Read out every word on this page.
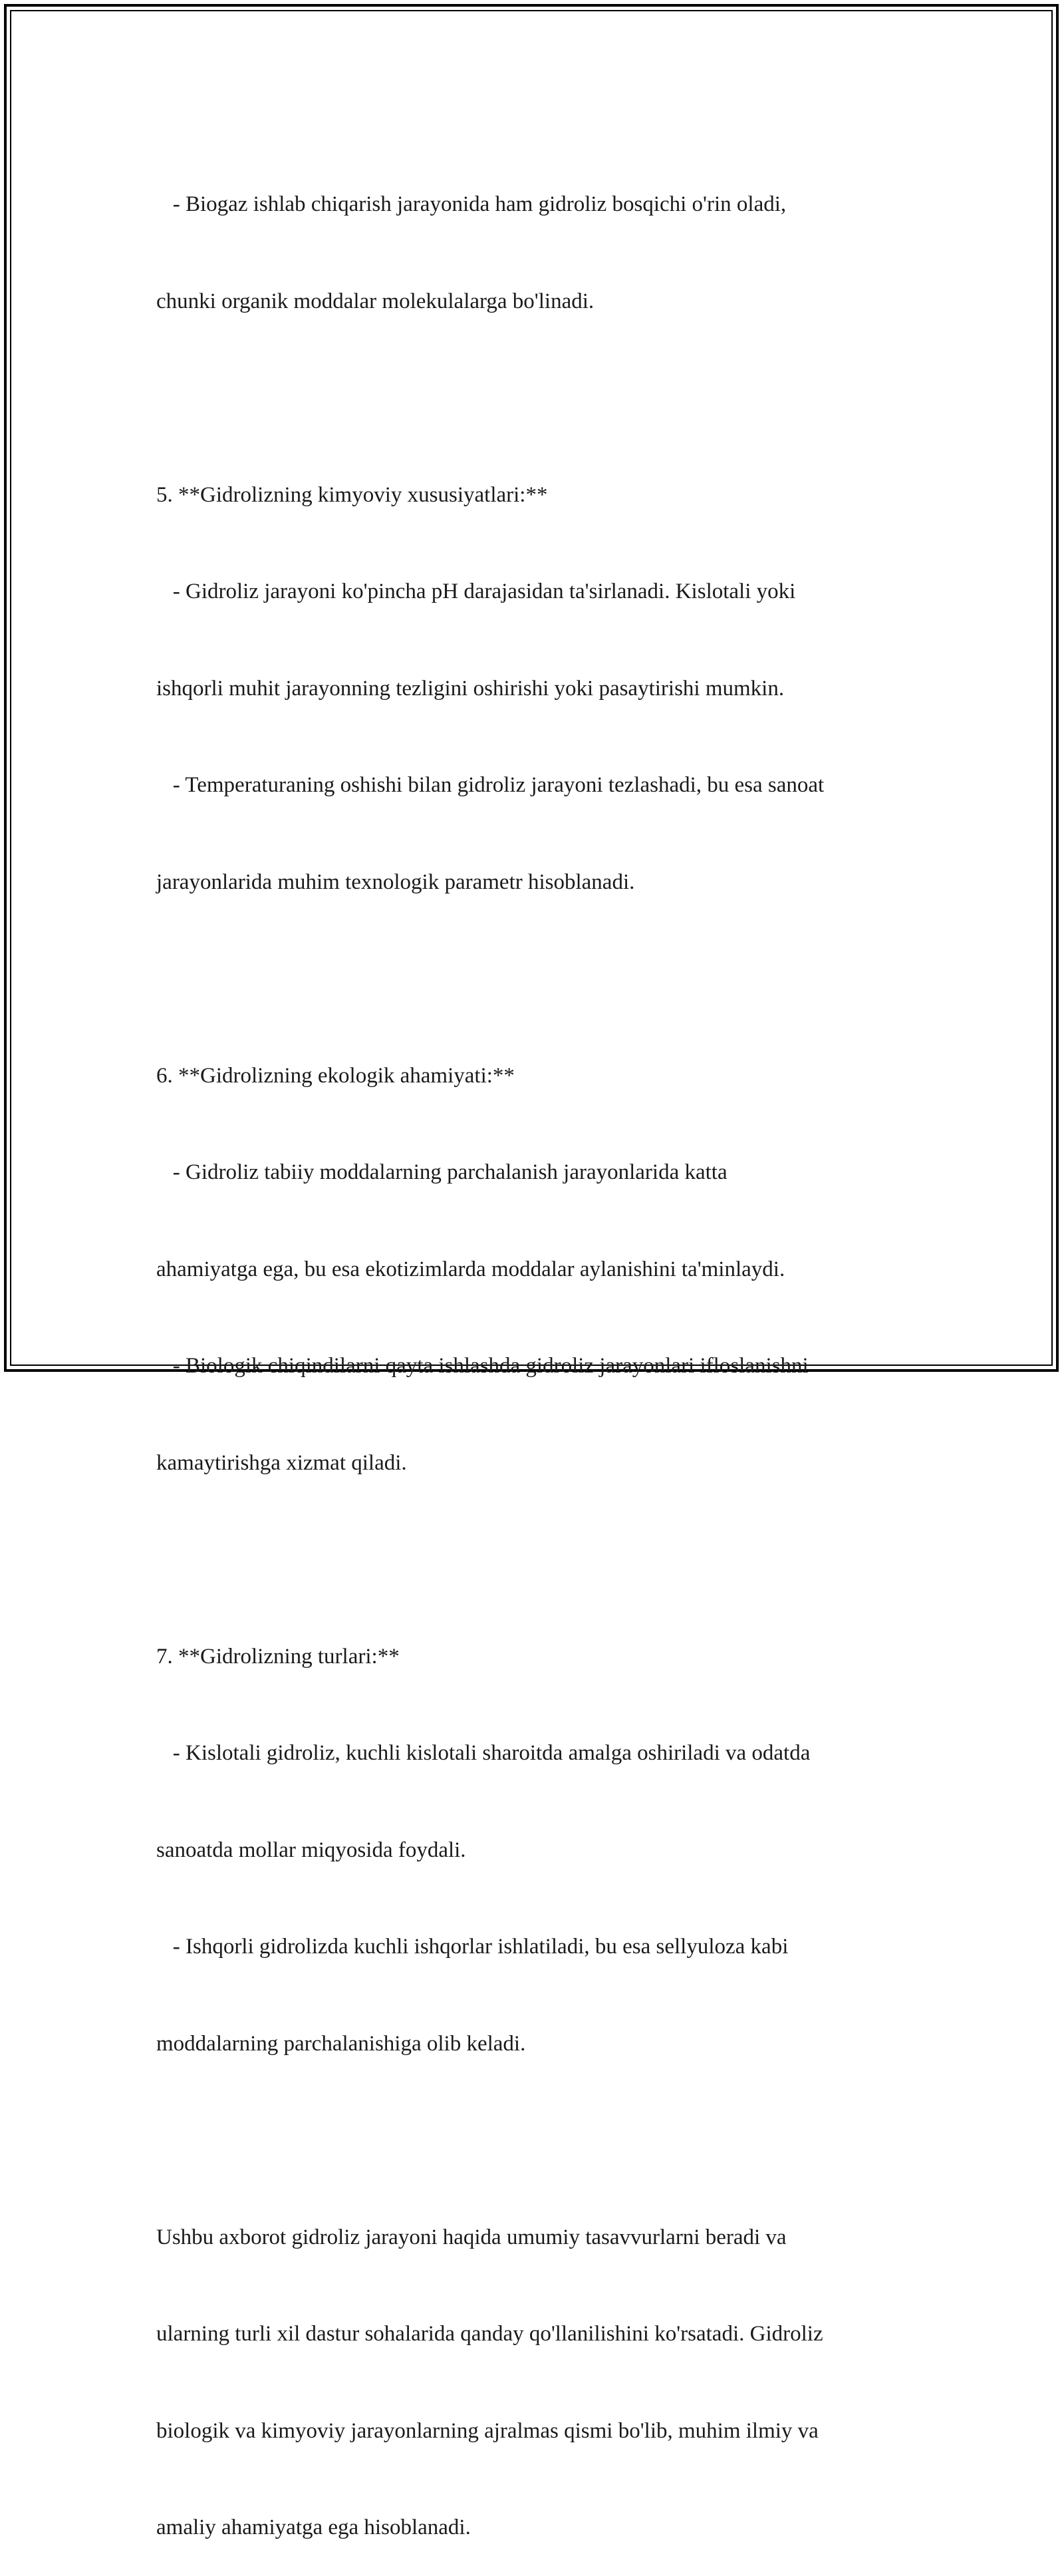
- Biogaz ishlab chiqarish jarayonida ham gidroliz bosqichi o'rin oladi,

chunki organik moddalar molekulalarga bo'linadi.

5. **Gidrolizning kimyoviy xususiyatlari:**

- Gidroliz jarayoni ko'pincha pH darajasidan ta'sirlanadi. Kislotali yoki

ishqorli muhit jarayonning tezligini oshirishi yoki pasaytirishi mumkin.

- Temperaturaning oshishi bilan gidroliz jarayoni tezlashadi, bu esa sanoat

jarayonlarida muhim texnologik parametr hisoblanadi.

6. **Gidrolizning ekologik ahamiyati:**

- Gidroliz tabiiy moddalarning parchalanish jarayonlarida katta

ahamiyatga ega, bu esa ekotizimlarda moddalar aylanishini ta'minlaydi.

- Biologik chiqindilarni qayta ishlashda gidroliz jarayonlari ifloslanishni

kamaytirishga xizmat qiladi.

7. **Gidrolizning turlari:**

- Kislotali gidroliz, kuchli kislotali sharoitda amalga oshiriladi va odatda

sanoatda mollar miqyosida foydali.

- Ishqorli gidrolizda kuchli ishqorlar ishlatiladi, bu esa sellyuloza kabi

moddalarning parchalanishiga olib keladi.

Ushbu axborot gidroliz jarayoni haqida umumiy tasavvurlarni beradi va

ularning turli xil dastur sohalarida qanday qo'llanilishini ko'rsatadi. Gidroliz

biologik va kimyoviy jarayonlarning ajralmas qismi bo'lib, muhim ilmiy va

amaliy ahamiyatga ega hisoblanadi.
